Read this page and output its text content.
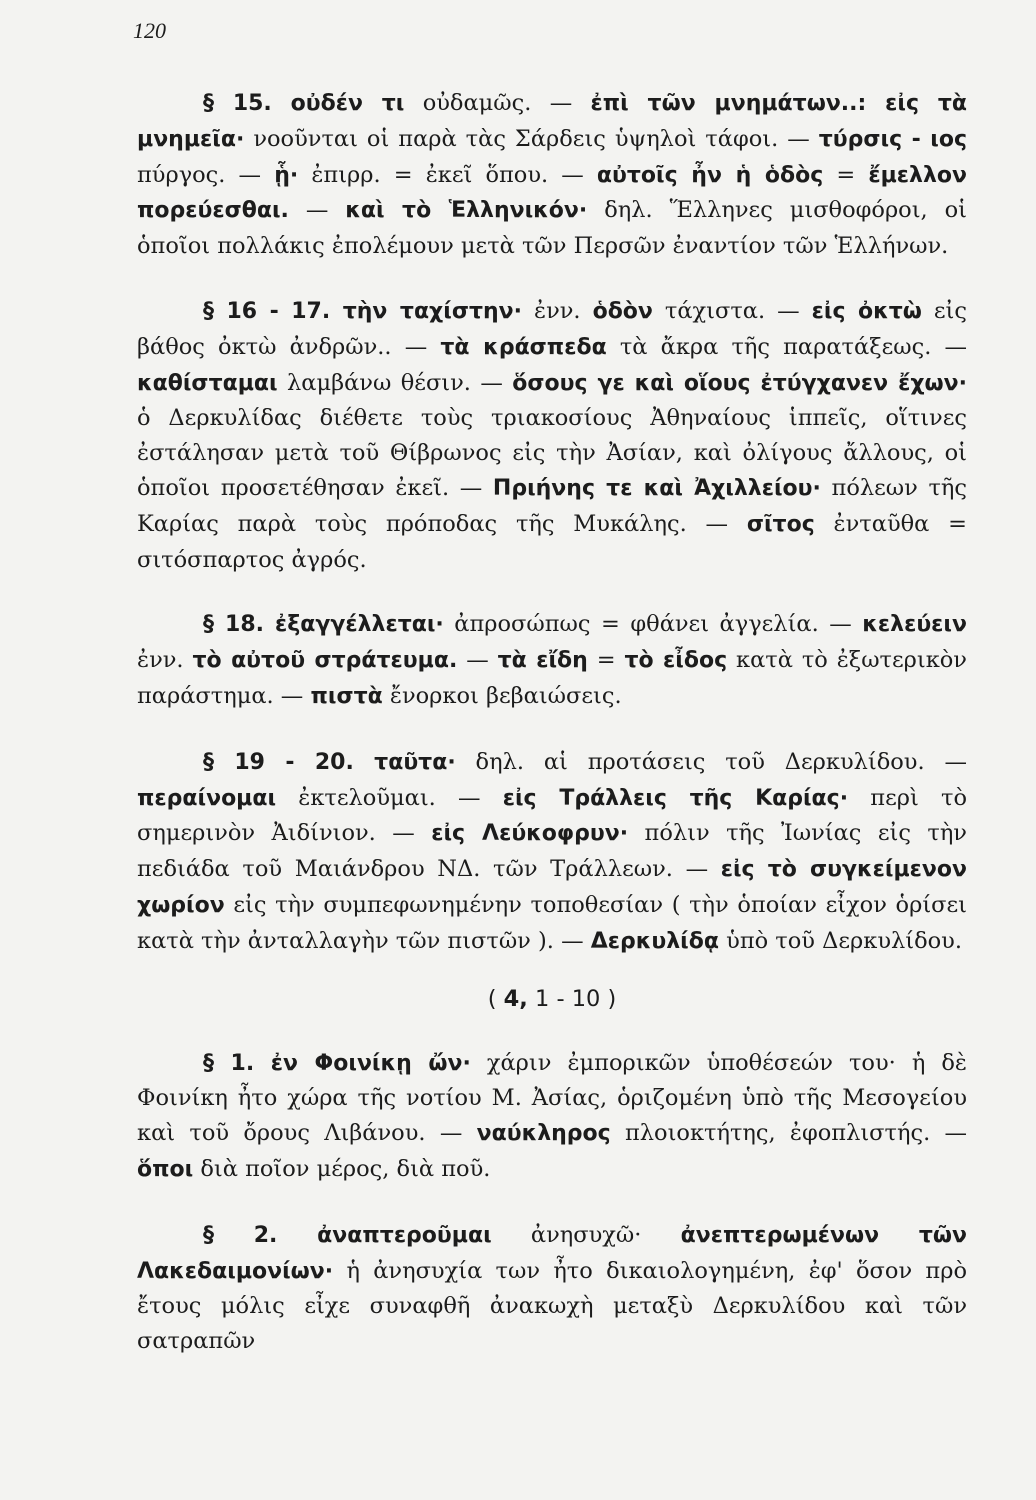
120

§ 15. οὐδέν τι οὐδαμῶς. — ἐπὶ τῶν μνημάτων..: εἰς τὰ μνημεῖα· νοοῦνται οἱ παρὰ τὰς Σάρδεις ὑψηλοὶ τάφοι. — τύρσις - ιος πύργος. — ᾗ· ἐπιρρ. = ἐκεῖ ὅπου. — αὐτοῖς ἦν ἡ ὁδὸς = ἔμελλον πορεύεσθαι. — καὶ τὸ Ἑλληνικόν· δηλ. Ἕλληνες μισθοφόροι, οἱ ὁποῖοι πολλάκις ἐπολέμουν μετὰ τῶν Περσῶν ἐναντίον τῶν Ἑλλήνων.

§ 16 - 17. τὴν ταχίστην· ἐνν. ὁδὸν τάχιστα. — εἰς ὀκτὼ εἰς βάθος ὀκτὼ ἀνδρῶν.. — τὰ κράσπεδα τὰ ἄκρα τῆς παρατάξεως. — καθίσταμαι λαμβάνω θέσιν. — ὅσους γε καὶ οἵους ἐτύγχανεν ἔχων· ὁ Δερκυλίδας διέθετε τοὺς τριακοσίους Ἀθηναίους ἱππεῖς, οἵτινες ἐστάλησαν μετὰ τοῦ Θίβρωνος εἰς τὴν Ἀσίαν, καὶ ὀλίγους ἄλλους, οἱ ὁποῖοι προσετέθησαν ἐκεῖ. — Πριήνης τε καὶ Ἀχιλλείου· πόλεων τῆς Καρίας παρὰ τοὺς πρόποδας τῆς Μυκάλης. — σῖτος ἐνταῦθα = σιτόσπαρτος ἀγρός.

§ 18. ἐξαγγέλλεται· ἀπροσώπως = φθάνει ἀγγελία. — κελεύειν ἐνν. τὸ αὐτοῦ στράτευμα. — τὰ εἴδη = τὸ εἶδος κατὰ τὸ ἐξωτερικὸν παράστημα. — πιστὰ ἔνορκοι βεβαιώσεις.

§ 19 - 20. ταῦτα· δηλ. αἱ προτάσεις τοῦ Δερκυλίδου. — περαίνομαι ἐκτελοῦμαι. — εἰς Τράλλεις τῆς Καρίας· περὶ τὸ σημερινὸν Ἀιδίνιον. — εἰς Λεύκοφρυν· πόλιν τῆς Ἰωνίας εἰς τὴν πεδιάδα τοῦ Μαιάνδρου ΝΔ. τῶν Τράλλεων. — εἰς τὸ συγκείμενον χωρίον εἰς τὴν συμπεφωνημένην τοποθεσίαν ( τὴν ὁποίαν εἶχον ὁρίσει κατὰ τὴν ἀνταλλαγὴν τῶν πιστῶν ). — Δερκυλίδᾳ ὑπὸ τοῦ Δερκυλίδου.

( 4, 1 - 10 )

§ 1. ἐν Φοινίκῃ ὤν· χάριν ἐμπορικῶν ὑποθέσεών του· ἡ δὲ Φοινίκη ἦτο χώρα τῆς νοτίου Μ. Ἀσίας, ὁριζομένη ὑπὸ τῆς Μεσογείου καὶ τοῦ ὄρους Λιβάνου. — ναύκληρος πλοιοκτήτης, ἐφοπλιστής. — ὅποι διὰ ποῖον μέρος, διὰ ποῦ.

§ 2. ἀναπτεροῦμαι ἀνησυχῶ· ἀνεπτερωμένων τῶν Λακεδαιμονίων· ἡ ἀνησυχία των ἦτο δικαιολογημένη, ἐφ' ὅσον πρὸ ἔτους μόλις εἶχε συναφθῆ ἀνακωχὴ μεταξὺ Δερκυλίδου καὶ τῶν σατραπῶν
